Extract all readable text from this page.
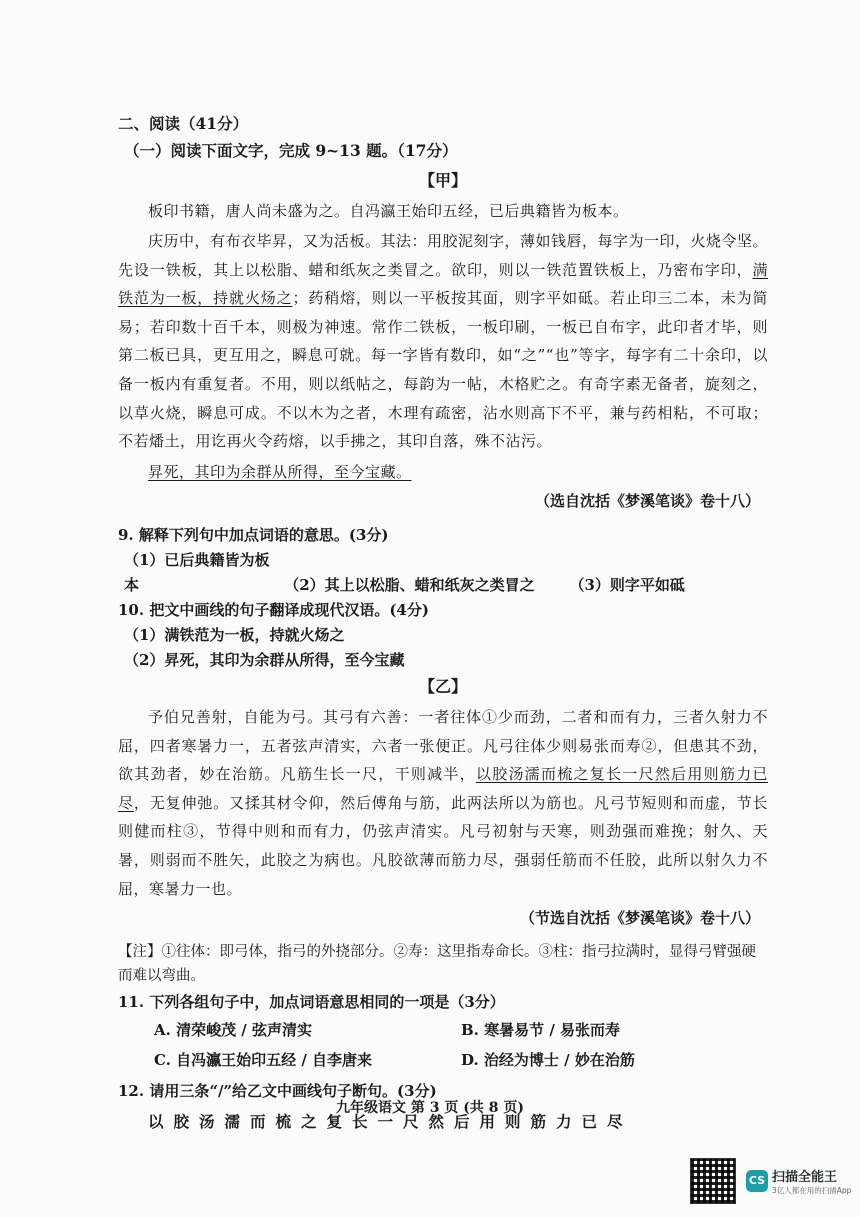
二、阅读（41分）
（一）阅读下面文字，完成 9~13 题。（17分）
【甲】

板印书籍，唐人尚未盛为之。自冯瀛王始印五经，已后典籍皆为板本。

庆历中，有布衣毕昇，又为活板。其法：用胶泥刻字，薄如钱唇，每字为一印，火烧令坚。先设一铁板，其上以松脂、蜡和纸灰之类冒之。欲印，则以一铁范置铁板上，乃密布字印，满铁范为一板，持就火炀之；药稍熔，则以一平板按其面，则字平如砥。若止印三二本，未为简易；若印数十百千本，则极为神速。常作二铁板，一板印刷，一板已自布字，此印者才毕，则第二板已具，更互用之，瞬息可就。每一字皆有数印，如“之”“也”等字，每字有二十余印，以备一板内有重复者。不用，则以纸帖之，每韵为一帖，木格贮之。有奇字素无备者，旋刻之，以草火烧，瞬息可成。不以木为之者，木理有疏密，沾水则高下不平，兼与药相粘，不可取；不若燔土，用讫再火令药熔，以手拂之，其印自落，殊不沾污。

昇死，其印为余群从所得，至今宝藏。

（选自沈括《梦溪笔谈》卷十八）

9. 解释下列句中加点词语的意思。(3分)

（1）已后典籍皆为板本	（2）其上以松脂、蜡和纸灰之类冒之 （3）则字平如砥

10. 把文中画线的句子翻译成现代汉语。(4分)

（1）满铁范为一板，持就火炀之

（2）昇死，其印为余群从所得，至今宝藏

【乙】

予伯兄善射，自能为弓。其弓有六善：一者往体①少而劲，二者和而有力，三者久射力不屈，四者寒暑力一，五者弦声清实，六者一张便正。凡弓往体少则易张而寿②，但患其不劲，欲其劲者，妙在治筋。凡筋生长一尺，干则减半，以胶汤濡而梳之复长一尺然后用则筋力已尽，无复伸弛。又揉其材令仰，然后傅角与筋，此两法所以为筋也。凡弓节短则和而虚，节长则健而柱③，节得中则和而有力，仍弦声清实。凡弓初射与天寒，则劲强而难挽；射久、天暑，则弱而不胜矢，此胶之为病也。凡胶欲薄而筋力尽，强弱任筋而不任胶，此所以射久力不屈，寒暑力一也。

（节选自沈括《梦溪笔谈》卷十八）

【注】①往体：即弓体，指弓的外挠部分。②寿：这里指寿命长。③柱：指弓拉满时，显得弓臂强硬而难以弯曲。

11. 下列各组句子中，加点词语意思相同的一项是（3分）

A. 清荣峻茂 / 弦声清实	B. 寒暑易节 / 易张而寿
C. 自冯瀛王始印五经 / 自李唐来	D. 治经为博士 / 妙在治筋

12. 请用三条“/”给乙文中画线句子断句。(3分)

以胶汤濡而梳之复长一尺然后用则筋力已尽
九年级语文 第 3 页 (共 8 页)
CS 扫描全能王
3亿人都在用的扫描App
